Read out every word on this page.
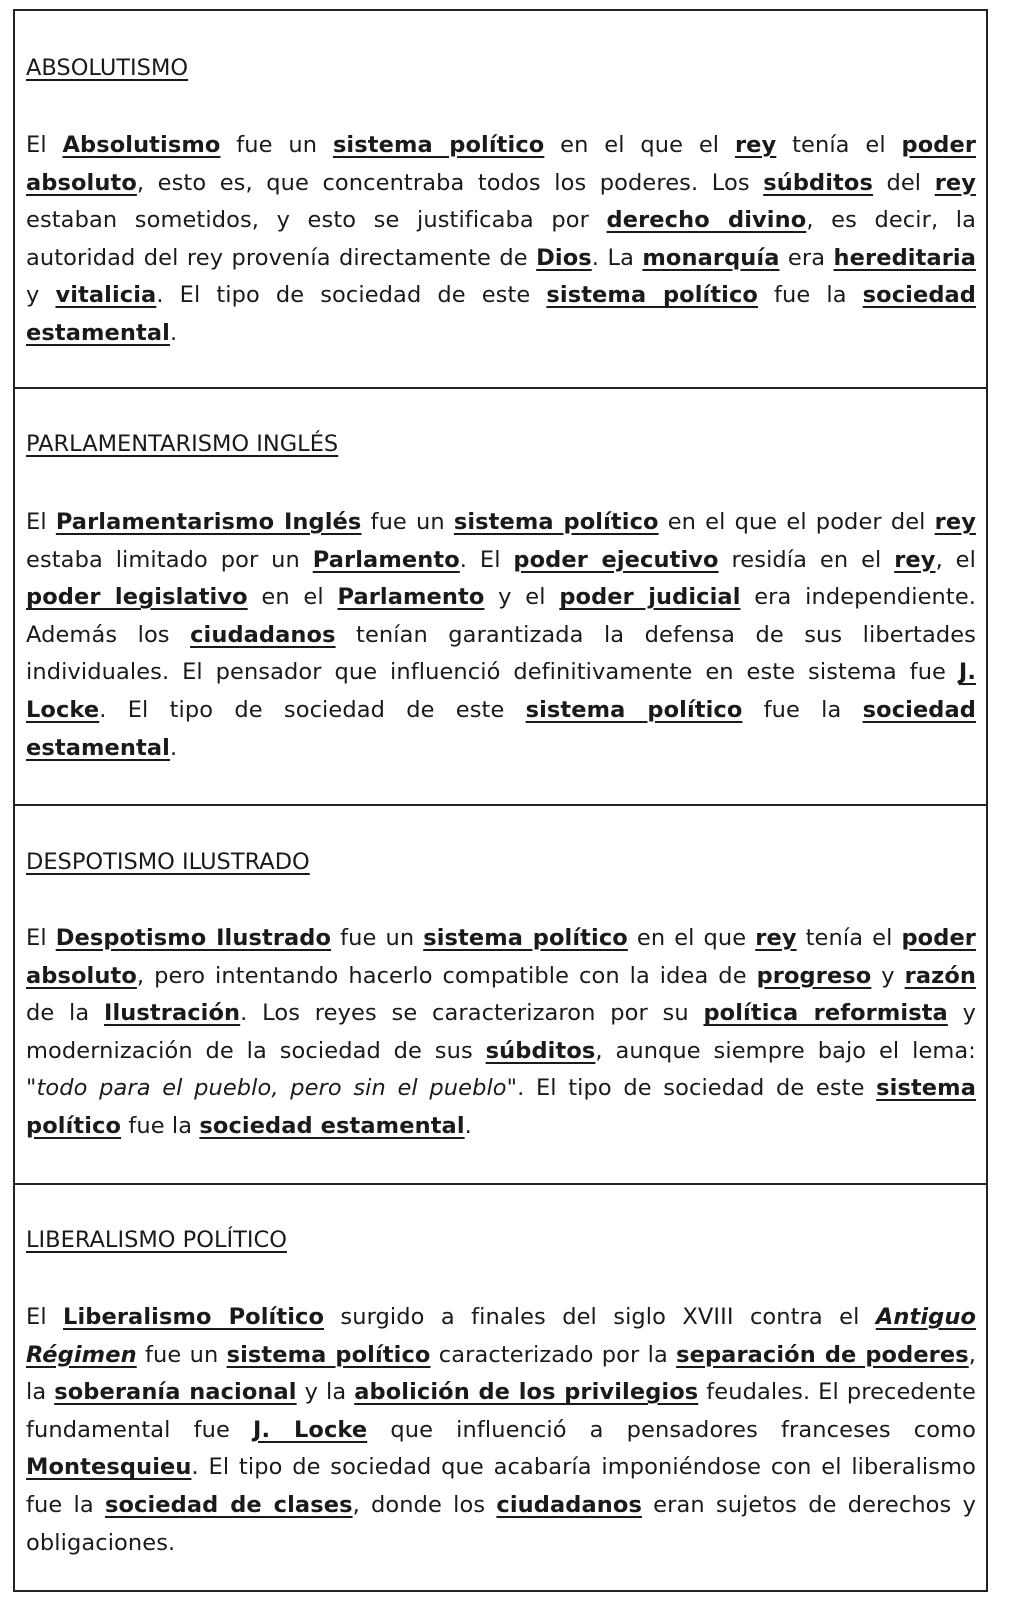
ABSOLUTISMO

El Absolutismo fue un sistema político en el que el rey tenía el poder absoluto, esto es, que concentraba todos los poderes. Los súbditos del rey estaban sometidos, y esto se justificaba por derecho divino, es decir, la autoridad del rey provenía directamente de Dios. La monarquía era hereditaria y vitalicia. El tipo de sociedad de este sistema político fue la sociedad estamental.

PARLAMENTARISMO INGLÉS

El Parlamentarismo Inglés fue un sistema político en el que el poder del rey estaba limitado por un Parlamento. El poder ejecutivo residía en el rey, el poder legislativo en el Parlamento y el poder judicial era independiente. Además los ciudadanos tenían garantizada la defensa de sus libertades individuales. El pensador que influenció definitivamente en este sistema fue J. Locke. El tipo de sociedad de este sistema político fue la sociedad estamental.

DESPOTISMO ILUSTRADO

El Despotismo Ilustrado fue un sistema político en el que rey tenía el poder absoluto, pero intentando hacerlo compatible con la idea de progreso y razón de la Ilustración. Los reyes se caracterizaron por su política reformista y modernización de la sociedad de sus súbditos, aunque siempre bajo el lema: "todo para el pueblo, pero sin el pueblo". El tipo de sociedad de este sistema político fue la sociedad estamental.

LIBERALISMO POLÍTICO

El Liberalismo Político surgido a finales del siglo XVIII contra el Antiguo Régimen fue un sistema político caracterizado por la separación de poderes, la soberanía nacional y la abolición de los privilegios feudales. El precedente fundamental fue J. Locke que influenció a pensadores franceses como Montesquieu. El tipo de sociedad que acabaría imponiéndose con el liberalismo fue la sociedad de clases, donde los ciudadanos eran sujetos de derechos y obligaciones.
